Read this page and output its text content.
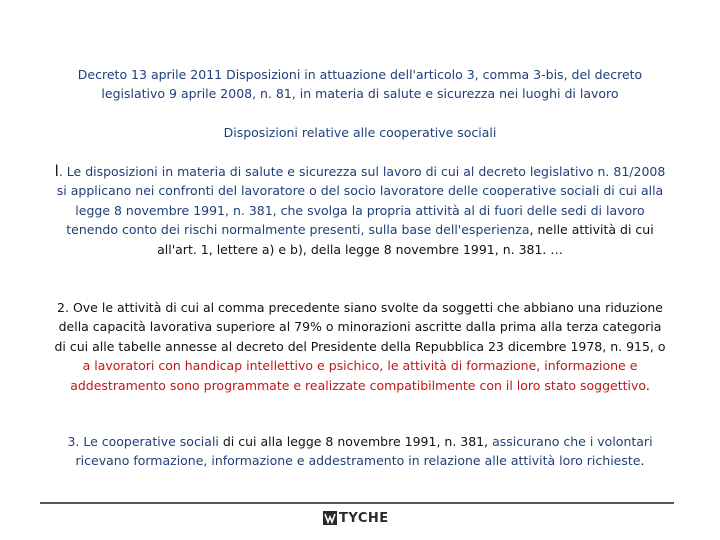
Decreto 13 aprile 2011 Disposizioni in attuazione dell'articolo 3, comma 3-bis, del decreto
legislativo 9 aprile 2008, n. 81, in materia di salute e sicurezza nei luoghi di lavoro

Disposizioni relative alle cooperative sociali

l. Le disposizioni in materia di salute e sicurezza sul lavoro di cui al decreto legislativo n. 81/2008 si applicano nei confronti del lavoratore o del socio lavoratore delle cooperative sociali di cui alla legge 8 novembre 1991, n. 381, che svolga la propria attività al di fuori delle sedi di lavoro tenendo conto dei rischi normalmente presenti, sulla base dell'esperienza, nelle attività di cui all'art. 1, lettere a) e b), della legge 8 novembre 1991, n. 381. …

2. Ove le attività di cui al comma precedente siano svolte da soggetti che abbiano una riduzione della capacità lavorativa superiore al 79% o minorazioni ascritte dalla prima alla terza categoria di cui alle tabelle annesse al decreto del Presidente della Repubblica 23 dicembre 1978, n. 915, o a lavoratori con handicap intellettivo e psichico, le attività di formazione, informazione e addestramento sono programmate e realizzate compatibilmente con il loro stato soggettivo.

3. Le cooperative sociali di cui alla legge 8 novembre 1991, n. 381, assicurano che i volontari ricevano formazione, informazione e addestramento in relazione alle attività loro richieste.

TYCHE
